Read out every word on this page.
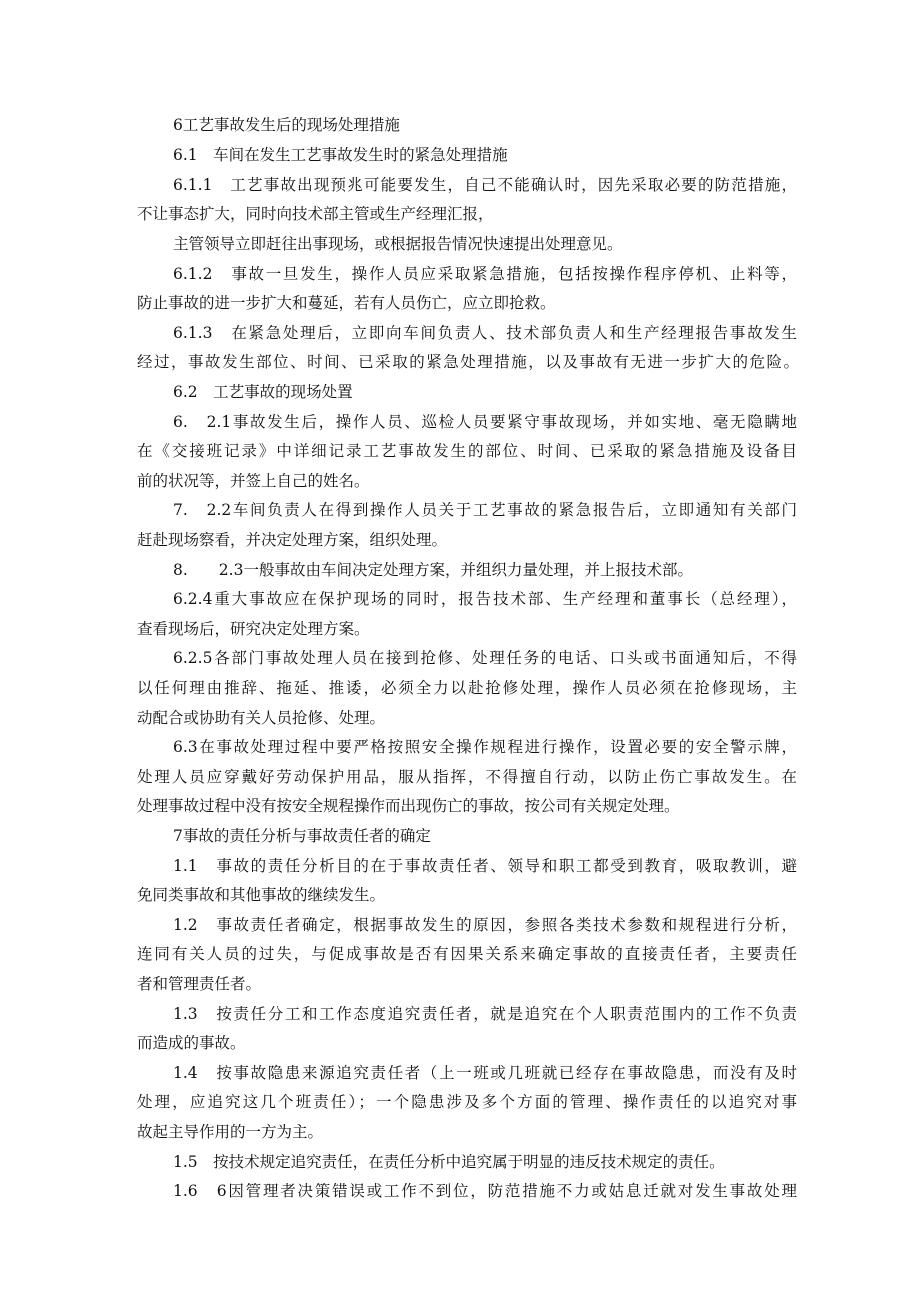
6工艺事故发生后的现场处理措施
6.1　车间在发生工艺事故发生时的紧急处理措施
6.1.1　工艺事故出现预兆可能要发生，自己不能确认时，因先采取必要的防范措施，
不让事态扩大，同时向技术部主管或生产经理汇报，
主管领导立即赶往出事现场，或根据报告情况快速提出处理意见。
6.1.2　事故一旦发生，操作人员应采取紧急措施，包括按操作程序停机、止料等，
防止事故的进一步扩大和蔓延，若有人员伤亡，应立即抢救。
6.1.3　在紧急处理后，立即向车间负责人、技术部负责人和生产经理报告事故发生
经过，事故发生部位、时间、已采取的紧急处理措施，以及事故有无进一步扩大的危险。
6.2　工艺事故的现场处置
6.　2.1事故发生后，操作人员、巡检人员要紧守事故现场，并如实地、毫无隐瞒地
在《交接班记录》中详细记录工艺事故发生的部位、时间、已采取的紧急措施及设备目
前的状况等，并签上自己的姓名。
7.　2.2车间负责人在得到操作人员关于工艺事故的紧急报告后，立即通知有关部门
赶赴现场察看，并决定处理方案，组织处理。
8.　　2.3一般事故由车间决定处理方案，并组织力量处理，并上报技术部。
6.2.4重大事故应在保护现场的同时，报告技术部、生产经理和董事长（总经理），
查看现场后，研究决定处理方案。
6.2.5各部门事故处理人员在接到抢修、处理任务的电话、口头或书面通知后，不得
以任何理由推辞、拖延、推诿，必须全力以赴抢修处理，操作人员必须在抢修现场，主
动配合或协助有关人员抢修、处理。
6.3在事故处理过程中要严格按照安全操作规程进行操作，设置必要的安全警示牌，
处理人员应穿戴好劳动保护用品，服从指挥，不得擅自行动，以防止伤亡事故发生。在
处理事故过程中没有按安全规程操作而出现伤亡的事故，按公司有关规定处理。
7事故的责任分析与事故责任者的确定
1.1　事故的责任分析目的在于事故责任者、领导和职工都受到教育，吸取教训，避
免同类事故和其他事故的继续发生。
1.2　事故责任者确定，根据事故发生的原因，参照各类技术参数和规程进行分析，
连同有关人员的过失，与促成事故是否有因果关系来确定事故的直接责任者，主要责任
者和管理责任者。
1.3　按责任分工和工作态度追究责任者，就是追究在个人职责范围内的工作不负责
而造成的事故。
1.4　按事故隐患来源追究责任者（上一班或几班就已经存在事故隐患，而没有及时
处理，应追究这几个班责任）；一个隐患涉及多个方面的管理、操作责任的以追究对事
故起主导作用的一方为主。
1.5　按技术规定追究责任，在责任分析中追究属于明显的违反技术规定的责任。
1.6　6因管理者决策错误或工作不到位，防范措施不力或姑息迁就对发生事故处理
